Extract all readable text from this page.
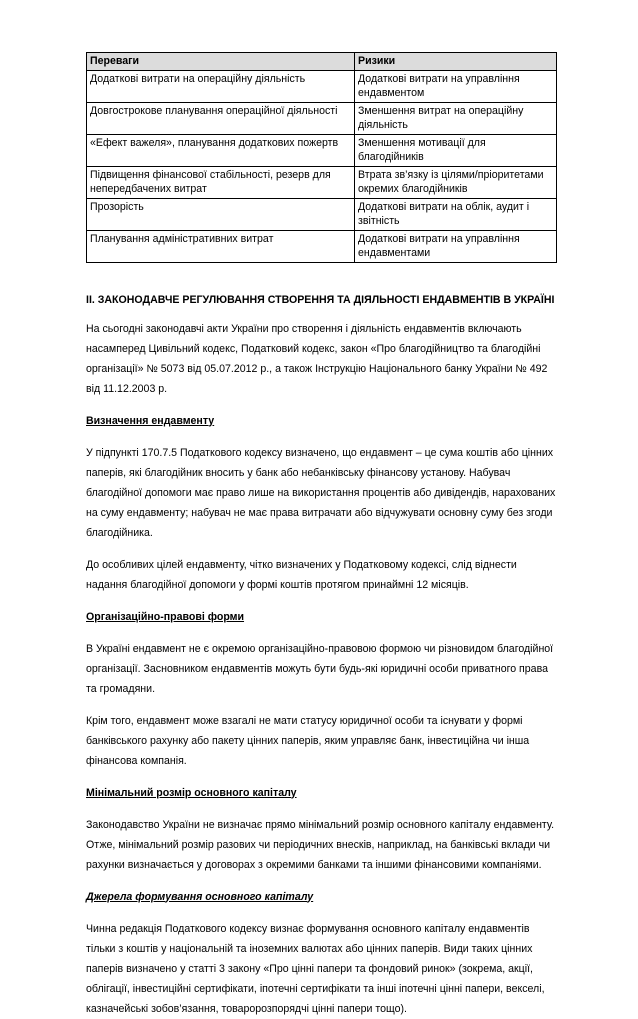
Переваги	Ризики
Додаткові витрати на операційну діяльність	Додаткові витрати на управління ендавментом
Довгострокове планування операційної діяльності	Зменшення витрат на операційну діяльність
«Ефект важеля», планування додаткових пожертв	Зменшення мотивації для благодійників
Підвищення фінансової стабільності, резерв для непередбачених витрат	Втрата зв’язку із цілями/пріоритетами окремих благодійників
Прозорість	Додаткові витрати на облік, аудит і звітність
Планування адміністративних витрат	Додаткові витрати на управління ендавментами
II. ЗАКОНОДАВЧЕ РЕГУЛЮВАННЯ СТВОРЕННЯ ТА ДІЯЛЬНОСТІ ЕНДАВМЕНТІВ В УКРАЇНІ

На сьогодні законодавчі акти України про створення і діяльність ендавментів включають насамперед Цивільний кодекс, Податковий кодекс, закон «Про благодійництво та благодійні організації» № 5073 від 05.07.2012 р., а також Інструкцію Національного банку України № 492 від 11.12.2003 р.

Визначення ендавменту

У підпункті 170.7.5 Податкового кодексу визначено, що ендавмент – це сума коштів або цінних паперів, які благодійник вносить у банк або небанківську фінансову установу. Набувач благодійної допомоги має право лише на використання процентів або дивідендів, нарахованих на суму ендавменту; набувач не має права витрачати або відчужувати основну суму без згоди благодійника.

До особливих цілей ендавменту, чітко визначених у Податковому кодексі, слід віднести надання благодійної допомоги у формі коштів протягом принаймні 12 місяців.

Організаційно-правові форми

В Україні ендавмент не є окремою організаційно-правовою формою чи різновидом благодійної організації. Засновником ендавментів можуть бути будь-які юридичні особи приватного права та громадяни.

Крім того, ендавмент може взагалі не мати статусу юридичної особи та існувати у формі банківського рахунку або пакету цінних паперів, яким управляє банк, інвестиційна чи інша фінансова компанія.

Мінімальний розмір основного капіталу

Законодавство України не визначає прямо мінімальний розмір основного капіталу ендавменту. Отже, мінімальний розмір разових чи періодичних внесків, наприклад, на банківські вклади чи рахунки визначається у договорах з окремими банками та іншими фінансовими компаніями.

Джерела формування основного капіталу

Чинна редакція Податкового кодексу визнає формування основного капіталу ендавментів тільки з коштів у національній та іноземних валютах або цінних паперів. Види таких цінних паперів визначено у статті 3 закону «Про цінні папери та фондовий ринок» (зокрема, акції, облігації, інвестиційні сертифікати, іпотечні сертифікати та інші іпотечні цінні папери, векселі, казначейські зобов’язання, товаророзпорядчі цінні папери тощо).
